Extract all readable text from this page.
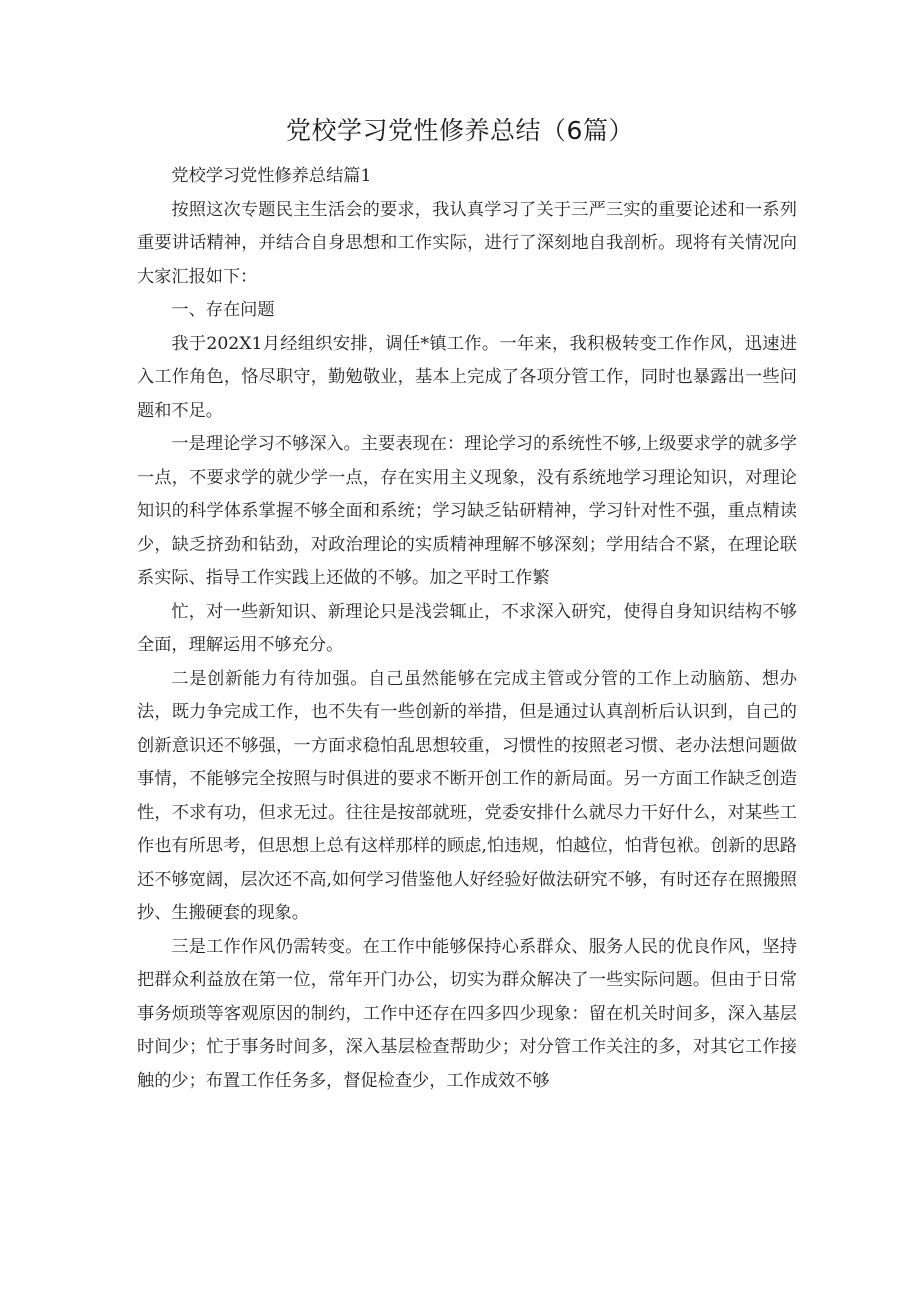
党校学习党性修养总结（6篇）

党校学习党性修养总结篇1

按照这次专题民主生活会的要求，我认真学习了关于三严三实的重要论述和一系列重要讲话精神，并结合自身思想和工作实际，进行了深刻地自我剖析。现将有关情况向大家汇报如下：

一、存在问题

我于202X1月经组织安排，调任*镇工作。一年来，我积极转变工作作风，迅速进入工作角色，恪尽职守，勤勉敬业，基本上完成了各项分管工作，同时也暴露出一些问题和不足。

一是理论学习不够深入。主要表现在：理论学习的系统性不够,上级要求学的就多学一点，不要求学的就少学一点，存在实用主义现象，没有系统地学习理论知识，对理论知识的科学体系掌握不够全面和系统；学习缺乏钻研精神，学习针对性不强，重点精读少，缺乏挤劲和钻劲，对政治理论的实质精神理解不够深刻；学用结合不紧，在理论联系实际、指导工作实践上还做的不够。加之平时工作繁

忙，对一些新知识、新理论只是浅尝辄止，不求深入研究，使得自身知识结构不够全面，理解运用不够充分。

二是创新能力有待加强。自己虽然能够在完成主管或分管的工作上动脑筋、想办法，既力争完成工作，也不失有一些创新的举措，但是通过认真剖析后认识到，自己的创新意识还不够强，一方面求稳怕乱思想较重，习惯性的按照老习惯、老办法想问题做事情，不能够完全按照与时俱进的要求不断开创工作的新局面。另一方面工作缺乏创造性，不求有功，但求无过。往往是按部就班，党委安排什么就尽力干好什么，对某些工作也有所思考，但思想上总有这样那样的顾虑,怕违规，怕越位，怕背包袱。创新的思路还不够宽阔，层次还不高,如何学习借鉴他人好经验好做法研究不够，有时还存在照搬照抄、生搬硬套的现象。

三是工作作风仍需转变。在工作中能够保持心系群众、服务人民的优良作风，坚持把群众利益放在第一位，常年开门办公，切实为群众解决了一些实际问题。但由于日常事务烦琐等客观原因的制约，工作中还存在四多四少现象：留在机关时间多，深入基层时间少；忙于事务时间多，深入基层检查帮助少；对分管工作关注的多，对其它工作接触的少；布置工作任务多，督促检查少，工作成效不够
